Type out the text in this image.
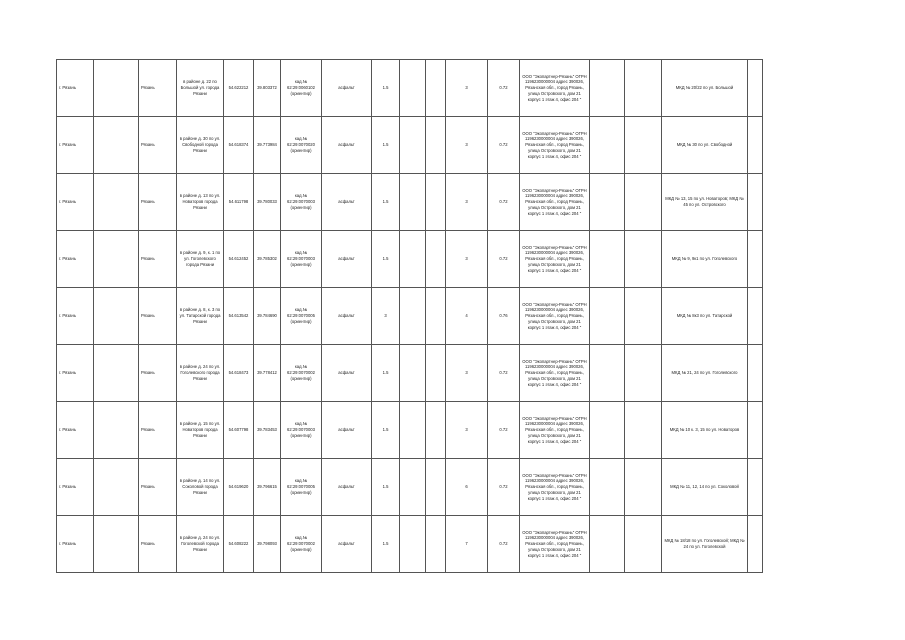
г. Рязань		Рязань	в районе д. 22 по Большой ул. города Рязани	54.622212	39.803372	кад.№ 62:29:0060102 (ориентир)	асфальт	1.5			3	0.72	ООО "Экопартнер-Рязань" ОГРН 1196230000004 адрес 390026, Рязанская обл., город Рязань, улица Островского, дом 21 корпус 1 этаж 4, офис 204 "			МКД № 20/22 по ул. Большой	
г. Рязань		Рязань	в районе д. 30 по ул. Свободной города Рязани	54.618374	39.773984	кад.№ 62:29:0070020 (ориентир)	асфальт	1.5			3	0.72	ООО "Экопартнер-Рязань" ОГРН 1196230000004 адрес 390026, Рязанская обл., город Рязань, улица Островского, дом 21 корпус 1 этаж 4, офис 204 "			МКД № 30 по ул. Свободной	
г. Рязань		Рязань	в районе д. 13 по ул. Новаторов города Рязани	54.611798	39.780033	кад.№ 62:29:0070003 (ориентир)	асфальт	1.5			3	0.72	ООО "Экопартнер-Рязань" ОГРН 1196230000004 адрес 390026, Рязанская обл., город Рязань, улица Островского, дом 21 корпус 1 этаж 4, офис 204 "			МКД № 13, 15 по ул. Новаторов; МКД № 45 по ул. Островского	
г. Рязань		Рязань	в районе д. 9, к. 1 по ул. Гоголевского города Рязани	54.612452	39.785302	кад.№ 62:29:0070003 (ориентир)	асфальт	1.5			3	0.72	ООО "Экопартнер-Рязань" ОГРН 1196230000004 адрес 390026, Рязанская обл., город Рязань, улица Островского, дом 21 корпус 1 этаж 4, офис 204 "			МКД № 9, 9к1 по ул. Гоголевского	
г. Рязань		Рязань	в районе д. 8, к. 3 по ул. Татарской города Рязани	54.613542	39.784690	кад.№ 62:29:0070005 (ориентир)	асфальт	3			4	0.76	ООО "Экопартнер-Рязань" ОГРН 1196230000004 адрес 390026, Рязанская обл., город Рязань, улица Островского, дом 21 корпус 1 этаж 4, офис 204 "			МКД № 8к3 по ул. Татарской	
г. Рязань		Рязань	в районе д. 24 по ул. Гоголевского города Рязани	54.618473	39.778412	кад.№ 62:29:0070002 (ориентир)	асфальт	1.5			3	0.72	ООО "Экопартнер-Рязань" ОГРН 1196230000004 адрес 390026, Рязанская обл., город Рязань, улица Островского, дом 21 корпус 1 этаж 4, офис 204 "			МКД № 21, 24 по ул. Гоголевского	
г. Рязань		Рязань	в районе д. 15 по ул. Новаторов города Рязани	54.607798	39.783453	кад.№ 62:29:0070003 (ориентир)	асфальт	1.5			3	0.72	ООО "Экопартнер-Рязань" ОГРН 1196230000004 адрес 390026, Рязанская обл., город Рязань, улица Островского, дом 21 корпус 1 этаж 4, офис 204 "			МКД № 10 к. 3, 15 по ул. Новаторов	
г. Рязань		Рязань	в районе д. 14 по ул. Соколовой города Рязани	54.619620	39.796615	кад.№ 62:29:0070005 (ориентир)	асфальт	1.5			6	0.72	ООО "Экопартнер-Рязань" ОГРН 1196230000004 адрес 390026, Рязанская обл., город Рязань, улица Островского, дом 21 корпус 1 этаж 4, офис 204 "			МКД № 11, 12, 14 по ул. Соколовой	
г. Рязань		Рязань	в районе д. 24 по ул. Гоголевской города Рязани	54.608222	39.798093	кад.№ 62:29:0070002 (ориентир)	асфальт	1.5			7	0.72	ООО "Экопартнер-Рязань" ОГРН 1196230000004 адрес 390026, Рязанская обл., город Рязань, улица Островского, дом 21 корпус 1 этаж 4, офис 204 "			МКД № 18/18 по ул. Гоголевской; МКД № 24 по ул. Гоголевской	
